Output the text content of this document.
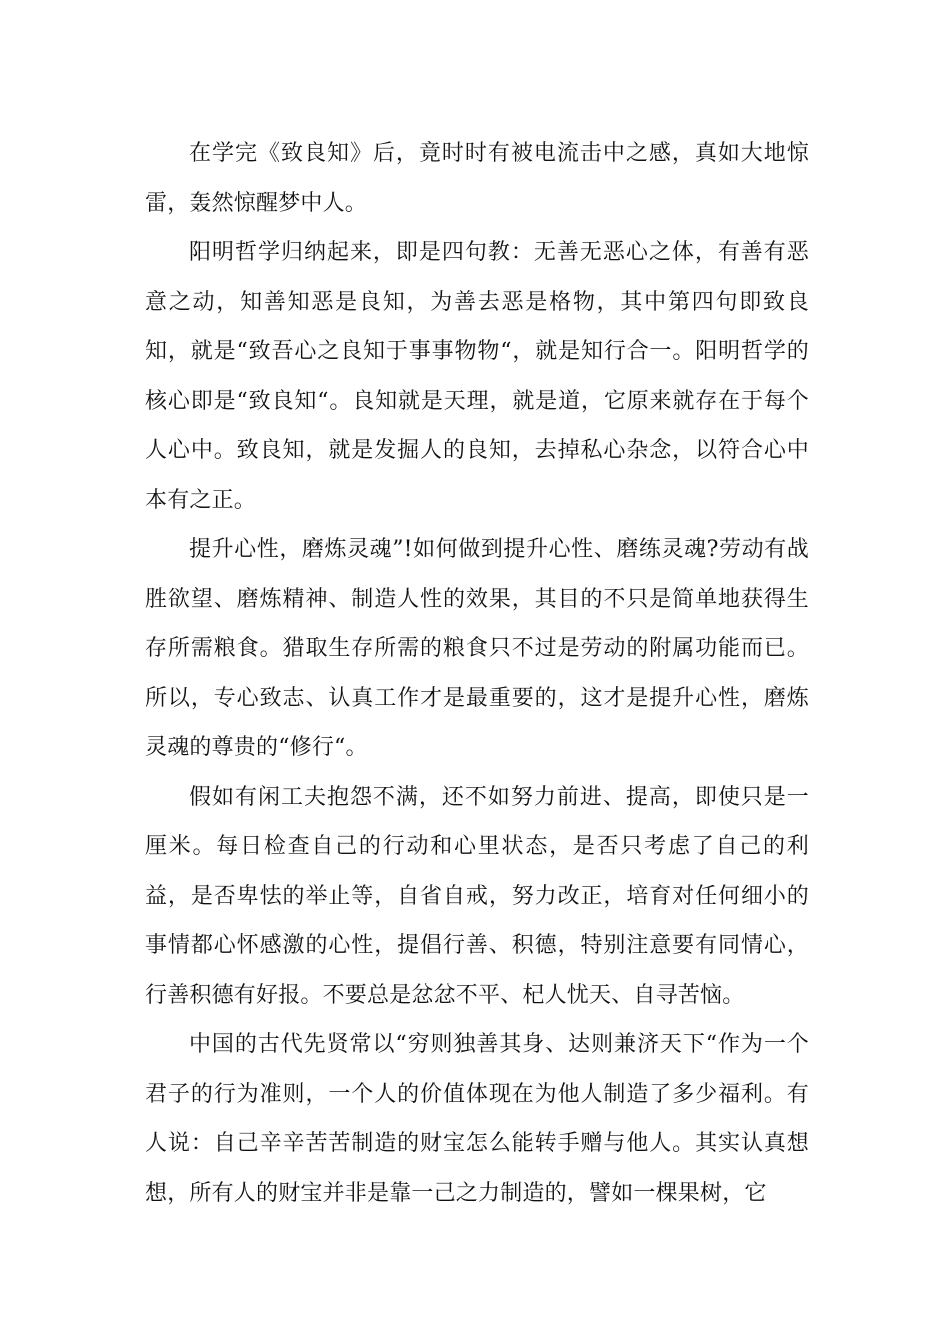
在学完《致良知》后，竟时时有被电流击中之感，真如大地惊雷，轰然惊醒梦中人。

阳明哲学归纳起来，即是四句教：无善无恶心之体，有善有恶意之动，知善知恶是良知，为善去恶是格物，其中第四句即致良知，就是“致吾心之良知于事事物物“，就是知行合一。阳明哲学的核心即是“致良知“。良知就是天理，就是道，它原来就存在于每个人心中。致良知，就是发掘人的良知，去掉私心杂念，以符合心中本有之正。

提升心性，磨炼灵魂”!如何做到提升心性、磨练灵魂?劳动有战胜欲望、磨炼精神、制造人性的效果，其目的不只是简单地获得生存所需粮食。猎取生存所需的粮食只不过是劳动的附属功能而已。所以，专心致志、认真工作才是最重要的，这才是提升心性，磨炼灵魂的尊贵的“修行“。

假如有闲工夫抱怨不满，还不如努力前进、提高，即使只是一厘米。每日检查自己的行动和心里状态，是否只考虑了自己的利益，是否卑怯的举止等，自省自戒，努力改正，培育对任何细小的事情都心怀感激的心性，提倡行善、积德，特别注意要有同情心，行善积德有好报。不要总是忿忿不平、杞人忧天、自寻苦恼。

中国的古代先贤常以“穷则独善其身、达则兼济天下“作为一个君子的行为准则，一个人的价值体现在为他人制造了多少福利。有人说：自己辛辛苦苦制造的财宝怎么能转手赠与他人。其实认真想想，所有人的财宝并非是靠一己之力制造的，譬如一棵果树，它
